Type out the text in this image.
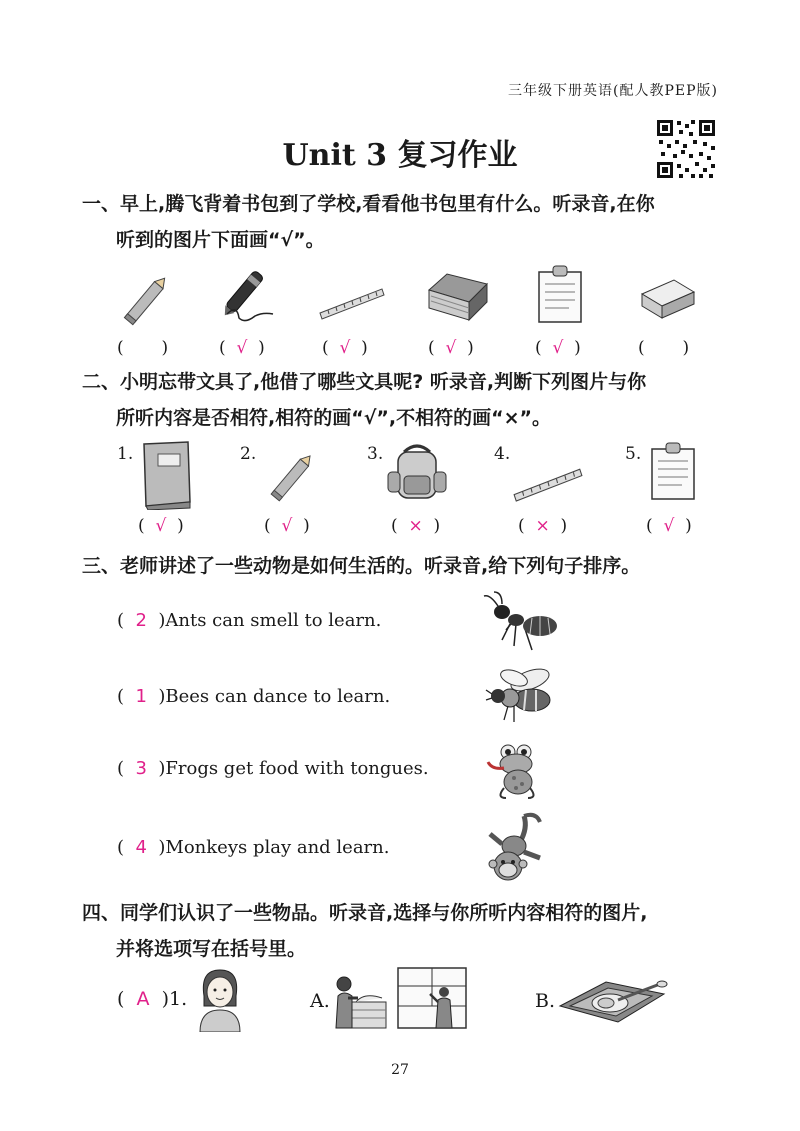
三年级下册英语(配人教PEP版)
Unit 3 复习作业
一、早上,腾飞背着书包到了学校,看看他书包里有什么。听录音,在你
听到的图片下面画“√”。
(       )	(  √  )	(  √  )	(  √  )	(  √  )	(       )
二、小明忘带文具了,他借了哪些文具呢? 听录音,判断下列图片与你
所听内容是否相符,相符的画“√”,不相符的画“×”。
1.	2.	3.	4.	5.
(  √  )	(  √  )	(  ×  )	(  ×  )	(  √  )
三、老师讲述了一些动物是如何生活的。听录音,给下列句子排序。
(  2 )Ants can smell to learn.
(  1 )Bees can dance to learn.
(  3 )Frogs get food with tongues.
(  4 )Monkeys play and learn.
四、同学们认识了一些物品。听录音,选择与你所听内容相符的图片,
并将选项写在括号里。
(  A )1.	A.	B.
27
